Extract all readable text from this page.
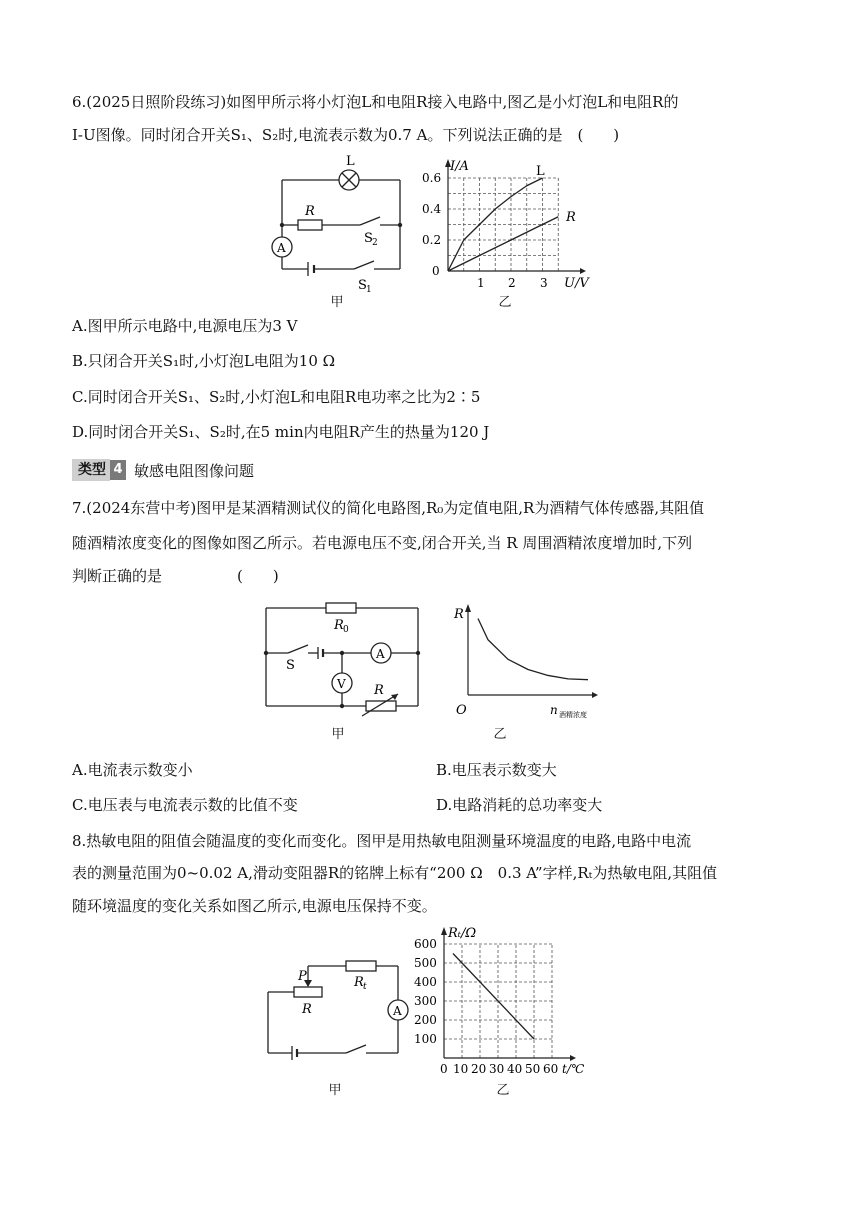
6.(2025日照阶段练习)如图甲所示将小灯泡L和电阻R接入电路中,图乙是小灯泡L和电阻R的
I-U图像。同时闭合开关S₁、S₂时,电流表示数为0.7 A。下列说法正确的是　(　　)
L
R
A
S 2
S 1
甲
I/A
U/V
0
0.6
0.4
0.2
1 2 3
L
R
乙
A.图甲所示电路中,电源电压为3 V
B.只闭合开关S₁时,小灯泡L电阻为10 Ω
C.同时闭合开关S₁、S₂时,小灯泡L和电阻R电功率之比为2∶5
D.同时闭合开关S₁、S₂时,在5 min内电阻R产生的热量为120 J
类型 4 敏感电阻图像问题
7.(2024东营中考)图甲是某酒精测试仪的简化电路图,R₀为定值电阻,R为酒精气体传感器,其阻值
随酒精浓度变化的图像如图乙所示。若电源电压不变,闭合开关,当 R 周围酒精浓度增加时,下列
判断正确的是　　　　　(　　)
R 0
S
A
V R
甲
R
O	n 酒精浓度
乙
A.电流表示数变小	B.电压表示数变大
C.电压表与电流表示数的比值不变	D.电路消耗的总功率变大
8.热敏电阻的阻值会随温度的变化而变化。图甲是用热敏电阻测量环境温度的电路,电路中电流
表的测量范围为0~0.02 A,滑动变阻器R的铭牌上标有“200 Ω　0.3 A”字样,Rₜ为热敏电阻,其阻值
随环境温度的变化关系如图乙所示,电源电压保持不变。
P
R
R t
A
甲
Rₜ/Ω
600
500
400
300
200
100
0 10 20 30 40 50 60 t/℃
乙
